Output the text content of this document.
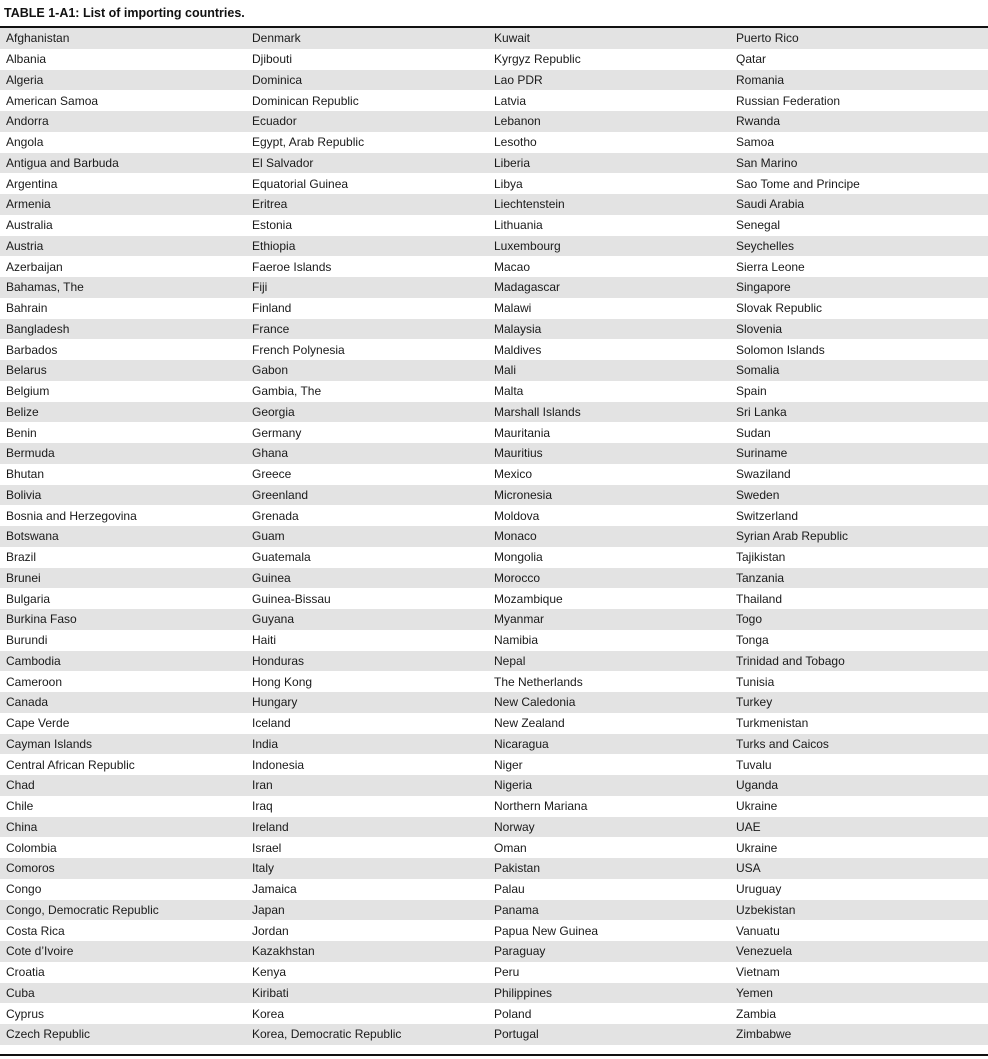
TABLE 1-A1: List of importing countries.
Afghanistan	Denmark	Kuwait	Puerto Rico
Albania	Djibouti	Kyrgyz Republic	Qatar
Algeria	Dominica	Lao PDR	Romania
American Samoa	Dominican Republic	Latvia	Russian Federation
Andorra	Ecuador	Lebanon	Rwanda
Angola	Egypt, Arab Republic	Lesotho	Samoa
Antigua and Barbuda	El Salvador	Liberia	San Marino
Argentina	Equatorial Guinea	Libya	Sao Tome and Principe
Armenia	Eritrea	Liechtenstein	Saudi Arabia
Australia	Estonia	Lithuania	Senegal
Austria	Ethiopia	Luxembourg	Seychelles
Azerbaijan	Faeroe Islands	Macao	Sierra Leone
Bahamas, The	Fiji	Madagascar	Singapore
Bahrain	Finland	Malawi	Slovak Republic
Bangladesh	France	Malaysia	Slovenia
Barbados	French Polynesia	Maldives	Solomon Islands
Belarus	Gabon	Mali	Somalia
Belgium	Gambia, The	Malta	Spain
Belize	Georgia	Marshall Islands	Sri Lanka
Benin	Germany	Mauritania	Sudan
Bermuda	Ghana	Mauritius	Suriname
Bhutan	Greece	Mexico	Swaziland
Bolivia	Greenland	Micronesia	Sweden
Bosnia and Herzegovina	Grenada	Moldova	Switzerland
Botswana	Guam	Monaco	Syrian Arab Republic
Brazil	Guatemala	Mongolia	Tajikistan
Brunei	Guinea	Morocco	Tanzania
Bulgaria	Guinea-Bissau	Mozambique	Thailand
Burkina Faso	Guyana	Myanmar	Togo
Burundi	Haiti	Namibia	Tonga
Cambodia	Honduras	Nepal	Trinidad and Tobago
Cameroon	Hong Kong	The Netherlands	Tunisia
Canada	Hungary	New Caledonia	Turkey
Cape Verde	Iceland	New Zealand	Turkmenistan
Cayman Islands	India	Nicaragua	Turks and Caicos
Central African Republic	Indonesia	Niger	Tuvalu
Chad	Iran	Nigeria	Uganda
Chile	Iraq	Northern Mariana	Ukraine
China	Ireland	Norway	UAE
Colombia	Israel	Oman	Ukraine
Comoros	Italy	Pakistan	USA
Congo	Jamaica	Palau	Uruguay
Congo, Democratic Republic	Japan	Panama	Uzbekistan
Costa Rica	Jordan	Papua New Guinea	Vanuatu
Cote d’Ivoire	Kazakhstan	Paraguay	Venezuela
Croatia	Kenya	Peru	Vietnam
Cuba	Kiribati	Philippines	Yemen
Cyprus	Korea	Poland	Zambia
Czech Republic	Korea, Democratic Republic	Portugal	Zimbabwe
